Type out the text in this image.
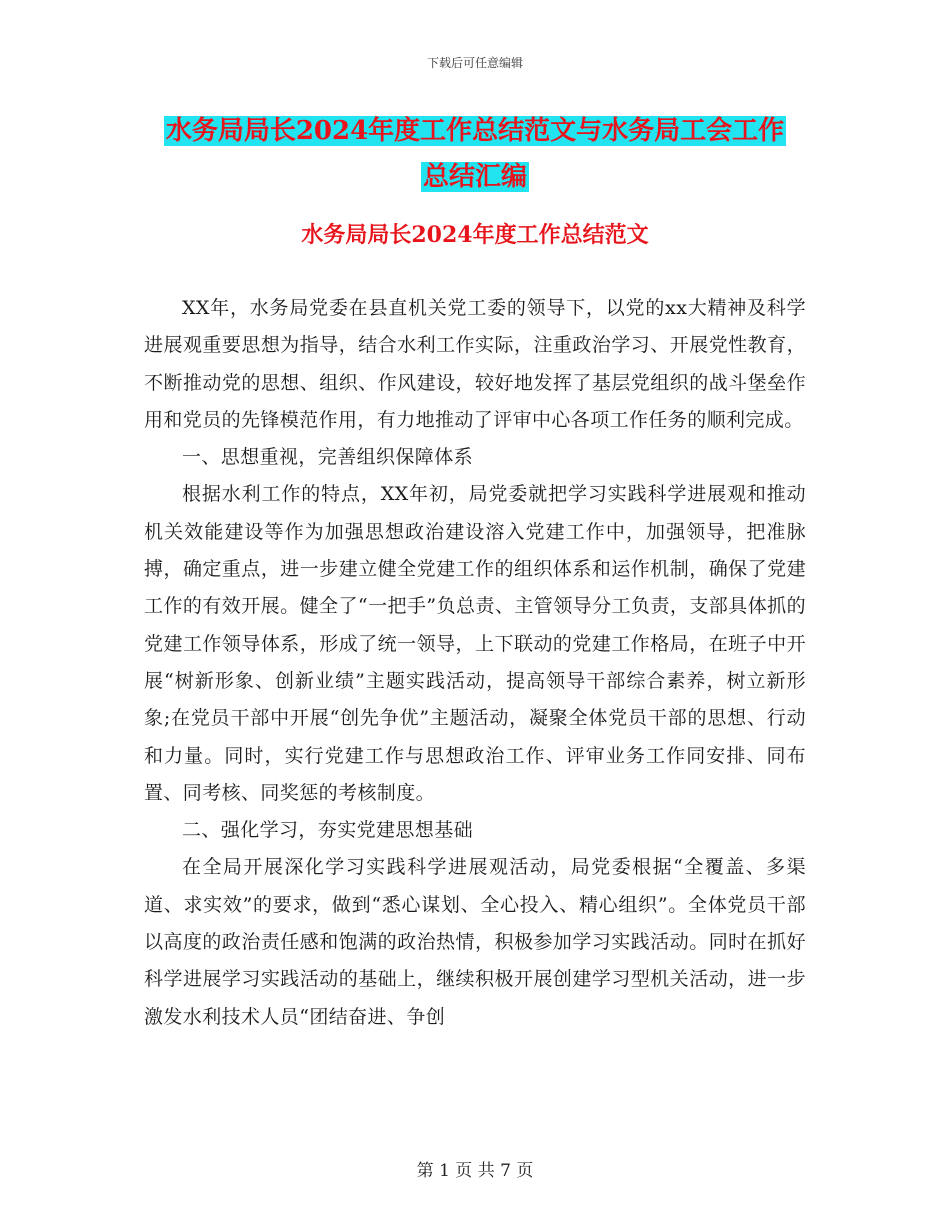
下载后可任意编辑
水务局局长2024年度工作总结范文与水务局工会工作
总结汇编
水务局局长2024年度工作总结范文

XX年，水务局党委在县直机关党工委的领导下，以党的xx大精神及科学进展观重要思想为指导，结合水利工作实际，注重政治学习、开展党性教育，不断推动党的思想、组织、作风建设，较好地发挥了基层党组织的战斗堡垒作用和党员的先锋模范作用，有力地推动了评审中心各项工作任务的顺利完成。

一、思想重视，完善组织保障体系

根据水利工作的特点，XX年初，局党委就把学习实践科学进展观和推动机关效能建设等作为加强思想政治建设溶入党建工作中，加强领导，把准脉搏，确定重点，进一步建立健全党建工作的组织体系和运作机制，确保了党建工作的有效开展。健全了“一把手”负总责、主管领导分工负责，支部具体抓的党建工作领导体系，形成了统一领导，上下联动的党建工作格局，在班子中开展“树新形象、创新业绩”主题实践活动，提高领导干部综合素养，树立新形象;在党员干部中开展“创先争优”主题活动，凝聚全体党员干部的思想、行动和力量。同时，实行党建工作与思想政治工作、评审业务工作同安排、同布置、同考核、同奖惩的考核制度。

二、强化学习，夯实党建思想基础

在全局开展深化学习实践科学进展观活动，局党委根据“全覆盖、多渠道、求实效”的要求，做到“悉心谋划、全心投入、精心组织”。全体党员干部以高度的政治责任感和饱满的政治热情，积极参加学习实践活动。同时在抓好科学进展学习实践活动的基础上，继续积极开展创建学习型机关活动，进一步激发水利技术人员“团结奋进、争创

第 1 页 共 7 页
